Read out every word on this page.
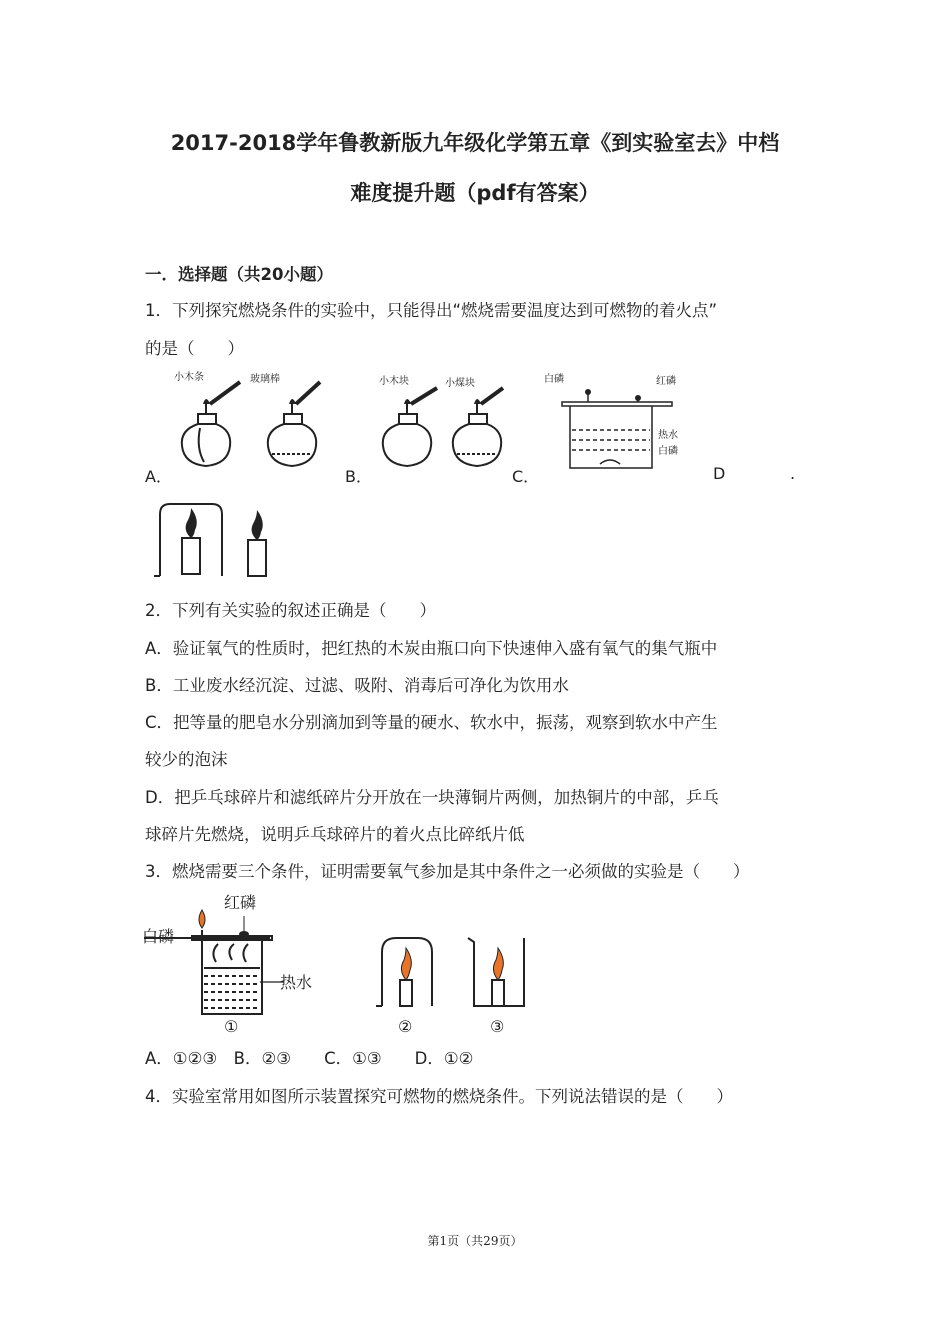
2017-2018学年鲁教新版九年级化学第五章《到实验室去》中档
难度提升题（pdf有答案）
一．选择题（共20小题）
1．下列探究燃烧条件的实验中，只能得出“燃烧需要温度达到可燃物的着火点”
的是（　　）
小木条	玻璃棒	小木块	小煤块	白磷	红磷
热水
白磷
A．	B．	C．	D	.
2．下列有关实验的叙述正确是（　　）
A．验证氧气的性质时，把红热的木炭由瓶口向下快速伸入盛有氧气的集气瓶中
B．工业废水经沉淀、过滤、吸附、消毒后可净化为饮用水
C．把等量的肥皂水分别滴加到等量的硬水、软水中，振荡，观察到软水中产生
较少的泡沫
D．把乒乓球碎片和滤纸碎片分开放在一块薄铜片两侧，加热铜片的中部，乒乓
球碎片先燃烧，说明乒乓球碎片的着火点比碎纸片低
3．燃烧需要三个条件，证明需要氧气参加是其中条件之一必须做的实验是（　　）
红磷
白磷
热水
①	②	③
A．①②③　B．②③　　C．①③　　D．①②
4．实验室常用如图所示装置探究可燃物的燃烧条件。下列说法错误的是（　　）
第1页（共29页）
